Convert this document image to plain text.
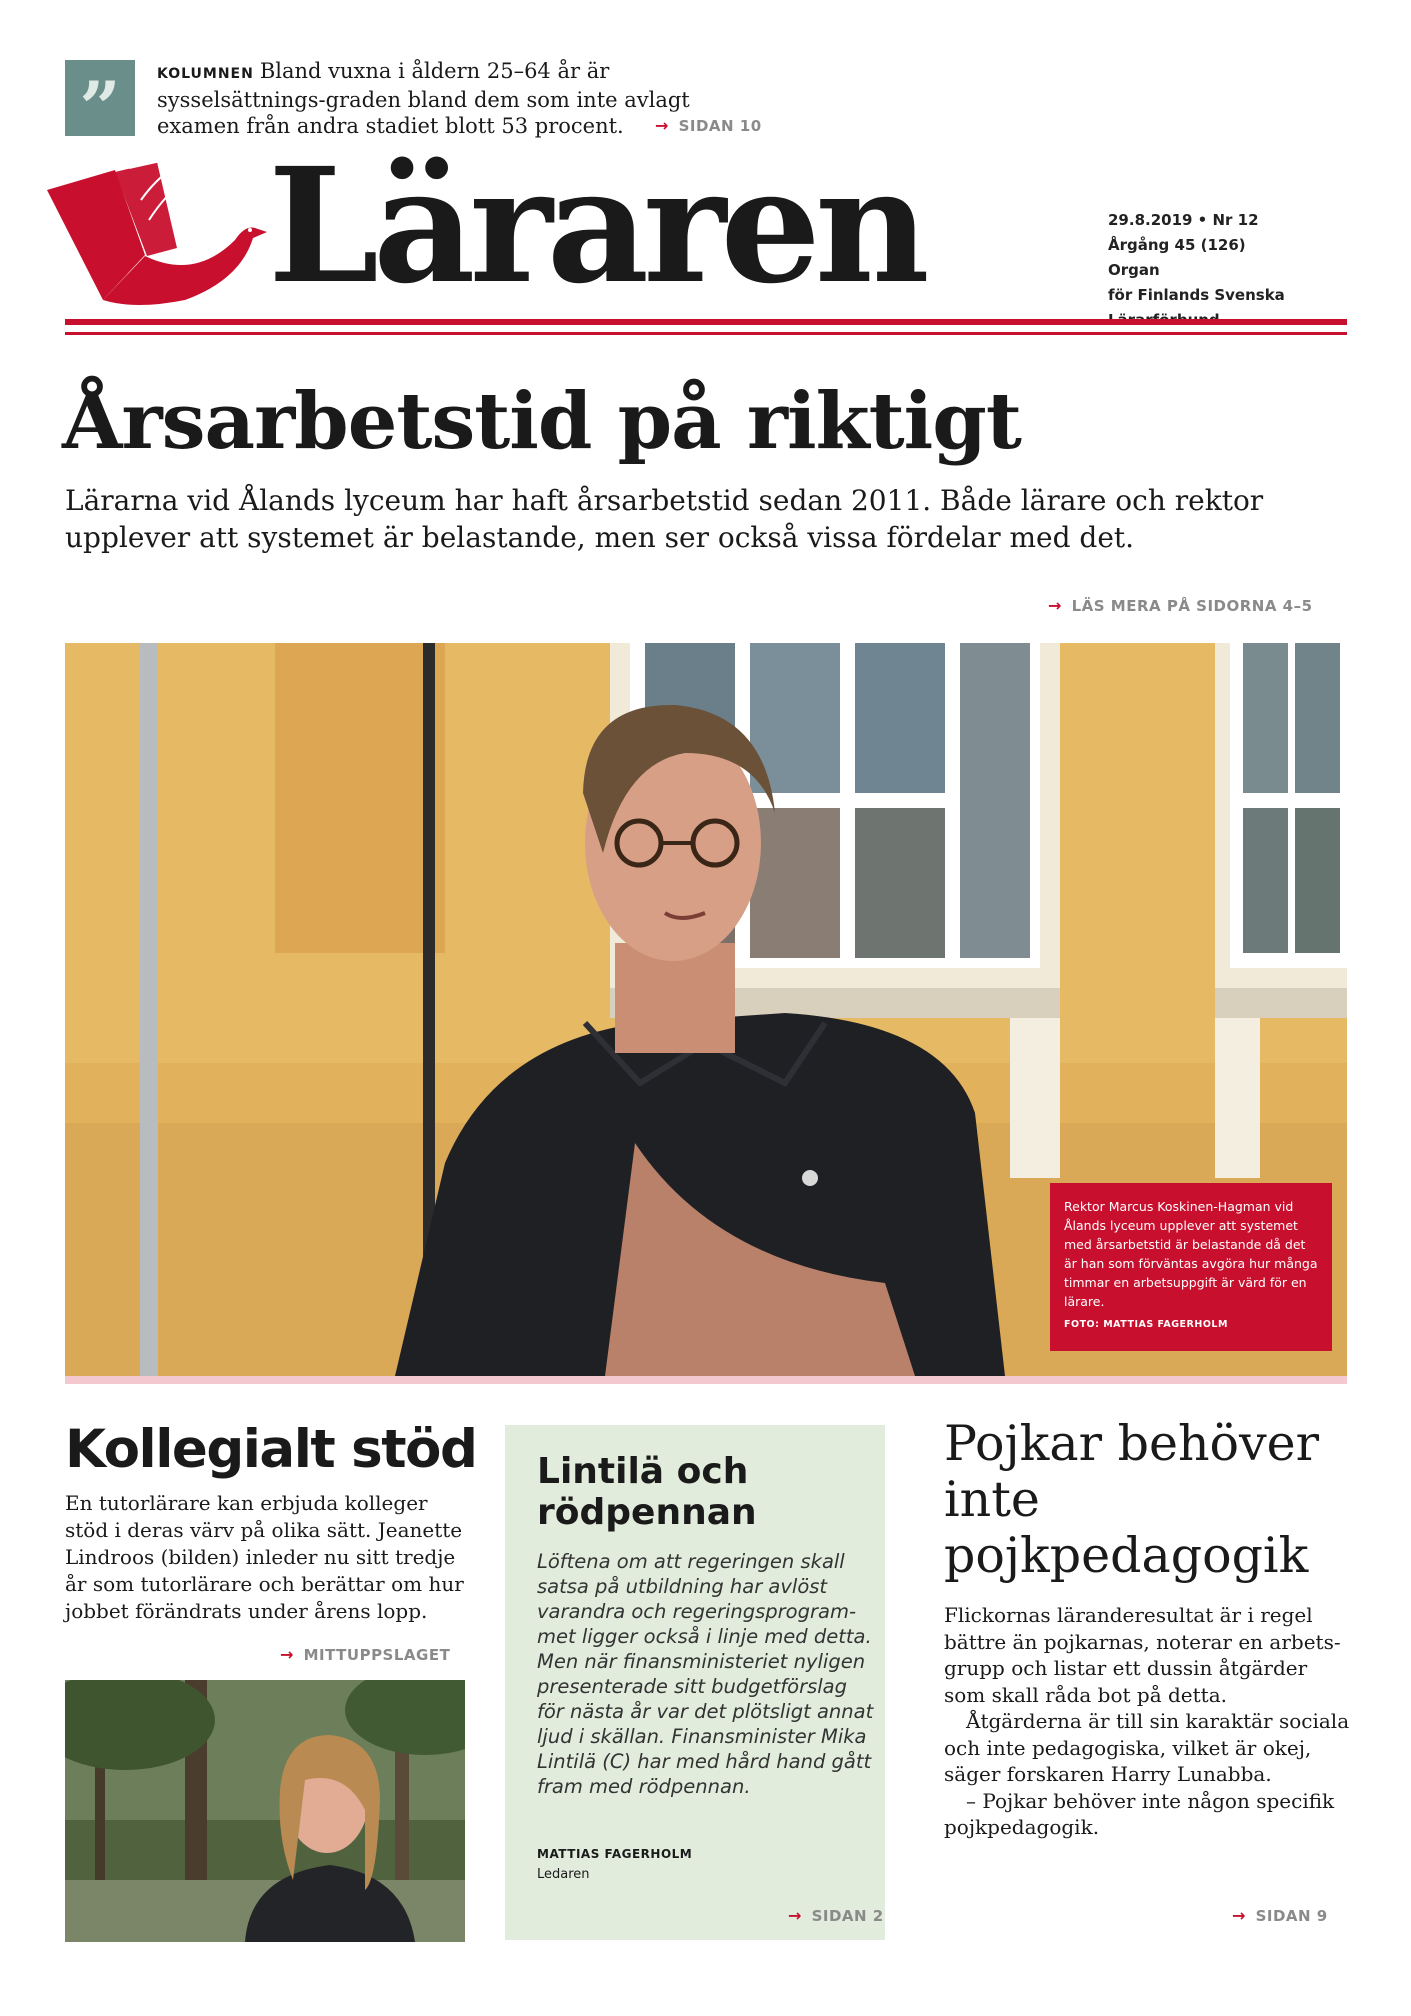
”	KOLUMNEN Bland vuxna i åldern 25–64 år är sysselsättnings-graden bland dem som inte avlagt examen från andra stadiet blott 53 procent.	→ SIDAN 10
Läraren	29.8.2019 • Nr 12
Årgång 45 (126) Organ
för Finlands Svenska
Årsarbetstid på riktigt
Lärarna vid Ålands lyceum har haft årsarbetstid sedan 2011. Både lärare och rektor upplever att systemet är belastande, men ser också vissa fördelar med det.
→ LÄS MERA PÅ SIDORNA 4–5
Rektor Marcus Koskinen-Hagman vid Ålands lyceum upplever att systemet med årsarbetstid är belastande då det är han som förväntas avgöra hur många timmar en arbetsuppgift är värd för en lärare.
FOTO: MATTIAS FAGERHOLM
Kollegialt stöd
En tutorlärare kan erbjuda kolleger stöd i deras värv på olika sätt. Jeanette Lindroos (bilden) inleder nu sitt tredje år som tutorlärare och berättar om hur jobbet förändrats under årens lopp.
→ MITTUPPSLAGET
Lintilä och rödpennan
Löftena om att regeringen skall satsa på utbildning har avlöst varandra och regeringsprogram-met ligger också i linje med detta. Men när finansministeriet nyligen presenterade sitt budgetförslag för nästa år var det plötsligt annat ljud i skällan. Finansminister Mika Lintilä (C) har med hård hand gått fram med rödpennan.
MATTIAS FAGERHOLM
Ledaren
→ SIDAN 2
Pojkar behöver inte pojkpedagogik

Flickornas läranderesultat är i regel bättre än pojkarnas, noterar en arbets-grupp och listar ett dussin åtgärder som skall råda bot på detta.

Åtgärderna är till sin karaktär sociala och inte pedagogiska, vilket är okej, säger forskaren Harry Lunabba.

– Pojkar behöver inte någon specifik pojkpedagogik.

→ SIDAN 9
